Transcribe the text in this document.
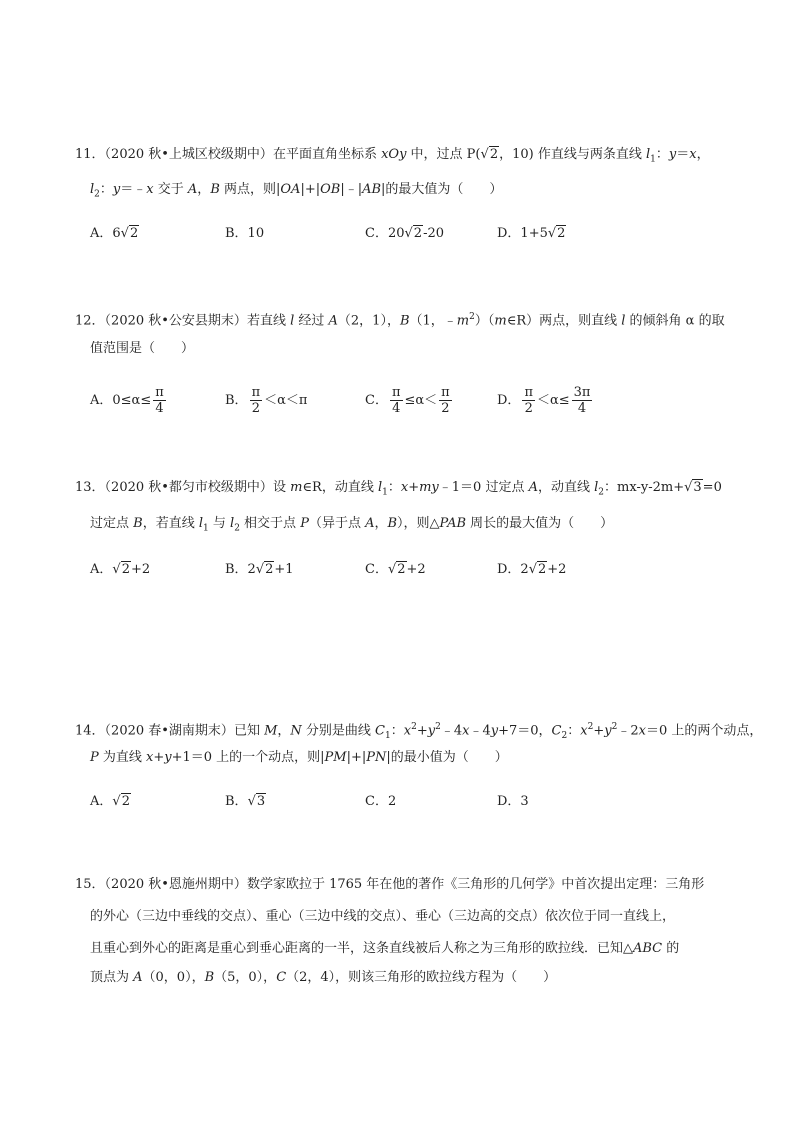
11．（2020 秋•上城区校级期中）在平面直角坐标系 xOy 中，过点 P(√2，10) 作直线与两条直线 $l_1$：y＝x，
$l_2$：y＝﹣x 交于 A，B 两点，则|OA|+|OB|﹣|AB|的最大值为（　　）
A．6√2	B．10	C．20√2-20	D．1+5√2
12．（2020 秋•公安县期末）若直线 l 经过 A（2，1），B（1，$﹣m^2)(m\in R)$两点，则直线 l 的倾斜角 α 的取
值范围是（　　）
A．$0\le\alpha\le \frac{\pi}{4}$	B． $\frac{\pi}{2} <\alpha<\pi$	C． $\frac{\pi}{4} \le\alpha< \frac{\pi}{2}$	D． $\frac{\pi}{2} <\alpha\le \frac{3\pi}{4}$
13．（2020 秋•都匀市校级期中）设 m∈R，动直线 $l_1$：x+my﹣1＝0 过定点 A，动直线 $l_2$：mx-y-2m+√3=0
过定点 B，若直线 $l_1$ 与 $l_2$ 相交于点 P（异于点 A，B），则△PAB 周长的最大值为（　　）
A．√2+2	B．2√2+1	C．√2+2	D．2√2+2
14．（2020 春•湖南期末）已知 M，N 分别是曲线 $C_1$：$x^2+y^2﹣4x﹣4y+7=0$，$C_2$：$x^2+y^2﹣2x=0$ 上的两个动点，
P 为直线 x+y+1＝0 上的一个动点，则|PM|+|PN|的最小值为（　　）
A．√2	B．√3	C．2	D．3
15．（2020 秋•恩施州期中）数学家欧拉于 1765 年在他的著作《三角形的几何学》中首次提出定理：三角形
的外心（三边中垂线的交点）、重心（三边中线的交点）、垂心（三边高的交点）依次位于同一直线上，
且重心到外心的距离是重心到垂心距离的一半，这条直线被后人称之为三角形的欧拉线．已知△ABC 的
顶点为 A（0，0），B（5，0），C（2，4），则该三角形的欧拉线方程为（　　）
